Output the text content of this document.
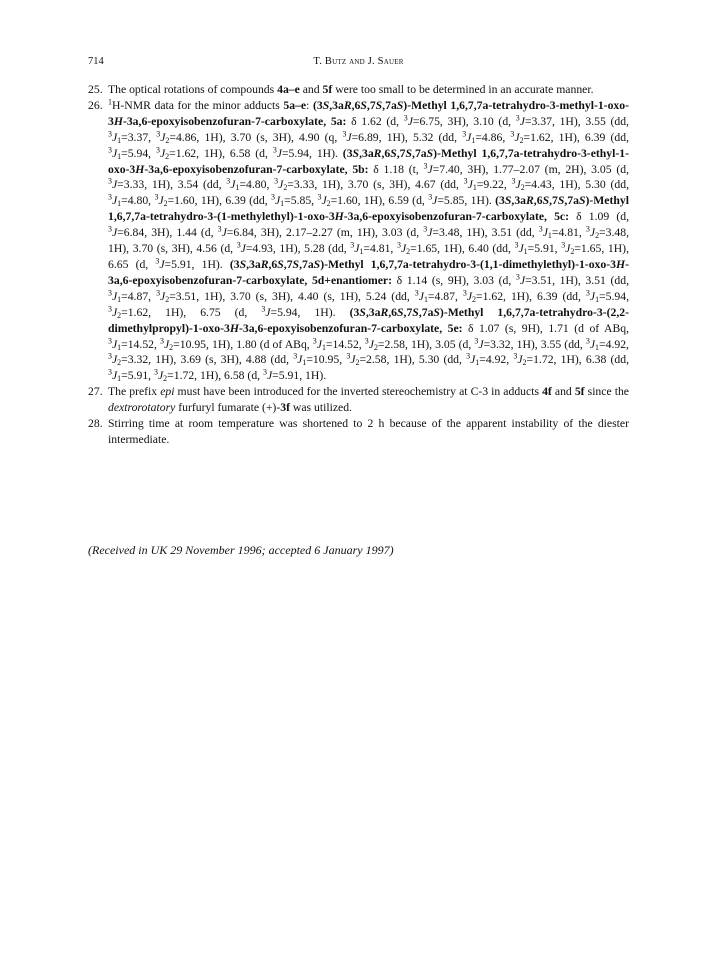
714	T. Butz and J. Sauer
25. The optical rotations of compounds 4a–e and 5f were too small to be determined in an accurate manner.
26. $^1$H-NMR data for the minor adducts 5a–e: (3S,3aR,6S,7S,7aS)-Methyl 1,6,7,7a-tetrahydro-3-methyl-1-oxo-3H-3a,6-epoxyisobenzofuran-7-carboxylate, 5a: δ 1.62 (d, $^3$J=6.75, 3H), 3.10 (d, $^3$J=3.37, 1H), 3.55 (dd, $^3J_1=3.37$, $^3J_2=4.86$, 1H), 3.70 (s, 3H), 4.90 (q, $^3$J=6.89, 1H), 5.32 (dd, $^3J_1=4.86$, $^3J_2=1.62$, 1H), 6.39 (dd, $^3J_1=5.94$, $^3J_2=1.62$, 1H), 6.58 (d, $^3$J=5.94, 1H). (3S,3aR,6S,7S,7aS)-Methyl 1,6,7,7a-tetrahydro-3-ethyl-1-oxo-3H-3a,6-epoxyisobenzofuran-7-carboxylate, 5b: δ 1.18 (t, $^3$J=7.40, 3H), 1.77–2.07 (m, 2H), 3.05 (d, $^3$J=3.33, 1H), 3.54 (dd, $^3J_1=4.80$, $^3J_2=3.33$, 1H), 3.70 (s, 3H), 4.67 (dd, $^3J_1=9.22$, $^3J_2=4.43$, 1H), 5.30 (dd, $^3J_1=4.80$, $^3J_2=1.60$, 1H), 6.39 (dd, $^3J_1=5.85$, $^3J_2=1.60$, 1H), 6.59 (d, $^3$J=5.85, 1H). (3S,3aR,6S,7S,7aS)-Methyl 1,6,7,7a-tetrahydro-3-(1-methylethyl)-1-oxo-3H-3a,6-epoxyisobenzofuran-7-carboxylate, 5c: δ 1.09 (d, $^3$J=6.84, 3H), 1.44 (d, $^3$J=6.84, 3H), 2.17–2.27 (m, 1H), 3.03 (d, $^3$J=3.48, 1H), 3.51 (dd, $^3J_1=4.81$, $^3J_2=3.48$, 1H), 3.70 (s, 3H), 4.56 (d, $^3$J=4.93, 1H), 5.28 (dd, $^3J_1=4.81$, $^3J_2=1.65$, 1H), 6.40 (dd, $^3J_1=5.91$, $^3J_2=1.65$, 1H), 6.65 (d, $^3$J=5.91, 1H). (3S,3aR,6S,7S,7aS)-Methyl 1,6,7,7a-tetrahydro-3-(1,1-dimethylethyl)-1-oxo-3H-3a,6-epoxyisobenzofuran-7-carboxylate, 5d+enantiomer: δ 1.14 (s, 9H), 3.03 (d, $^3$J=3.51, 1H), 3.51 (dd, $^3J_1=4.87$, $^3J_2=3.51$, 1H), 3.70 (s, 3H), 4.40 (s, 1H), 5.24 (dd, $^3J_1=4.87$, $^3J_2=1.62$, 1H), 6.39 (dd, $^3J_1=5.94$, $^3J_2=1.62$, 1H), 6.75 (d, $^3$J=5.94, 1H). (3S,3aR,6S,7S,7aS)-Methyl 1,6,7,7a-tetrahydro-3-(2,2-dimethylpropyl)-1-oxo-3H-3a,6-epoxyisobenzofuran-7-carboxylate, 5e: δ 1.07 (s, 9H), 1.71 (d of ABq, $^3J_1=14.52$, $^3J_2=10.95$, 1H), 1.80 (d of ABq, $^3J_1=14.52$, $^3J_2=2.58$, 1H), 3.05 (d, $^3$J=3.32, 1H), 3.55 (dd, $^3J_1=4.92$, $^3J_2=3.32$, 1H), 3.69 (s, 3H), 4.88 (dd, $^3J_1=10.95$, $^3J_2=2.58$, 1H), 5.30 (dd, $^3J_1=4.92$, $^3J_2=1.72$, 1H), 6.38 (dd, $^3J_1=5.91$, $^3J_2=1.72$, 1H), 6.58 (d, $^3$J=5.91, 1H).
27. The prefix epi must have been introduced for the inverted stereochemistry at C-3 in adducts 4f and 5f since the dextrorotatory furfuryl fumarate (+)-3f was utilized.
28. Stirring time at room temperature was shortened to 2 h because of the apparent instability of the diester intermediate.

(Received in UK 29 November 1996; accepted 6 January 1997)
